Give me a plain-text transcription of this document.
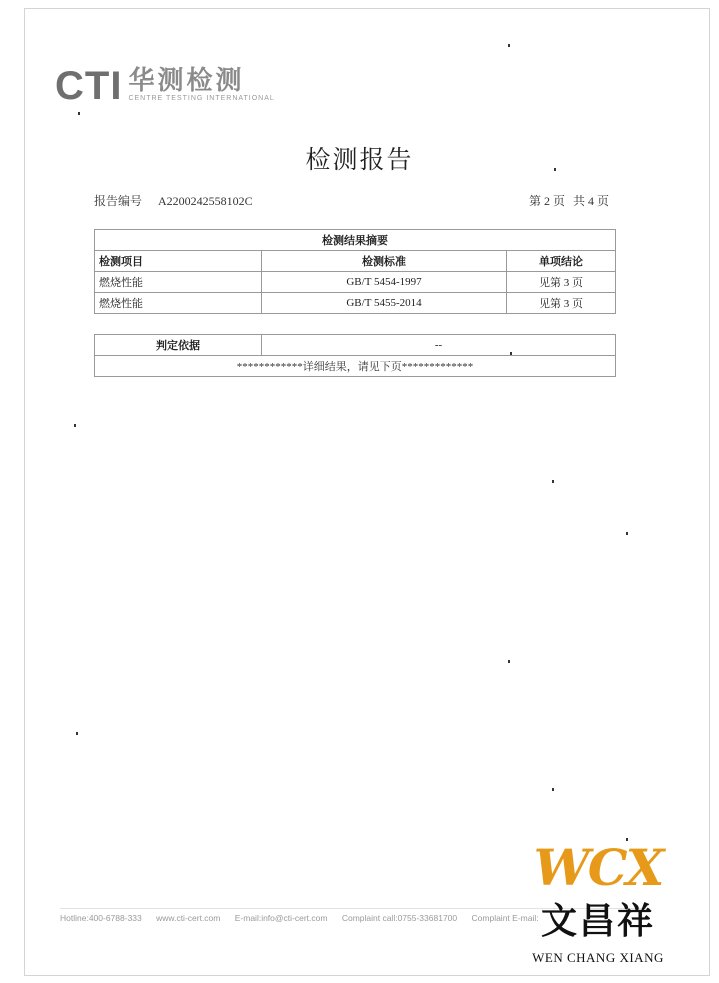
CTI 华测检测
CENTRE TESTING INTERNATIONAL
检测报告
报告编号 A2200242558102C	第 2 页 共 4 页
检测结果摘要		
检测项目	检测标准	单项结论
燃烧性能	GB/T 5454-1997	见第 3 页
燃烧性能	GB/T 5455-2014	见第 3 页
判定依据	--
************详细结果，请见下页*************
Hotline:400-6788-333 www.cti-cert.com E-mail:info@cti-cert.com Complaint call:0755-33681700 Complaint E-mail:
WCX
文昌祥
WEN CHANG XIANG
